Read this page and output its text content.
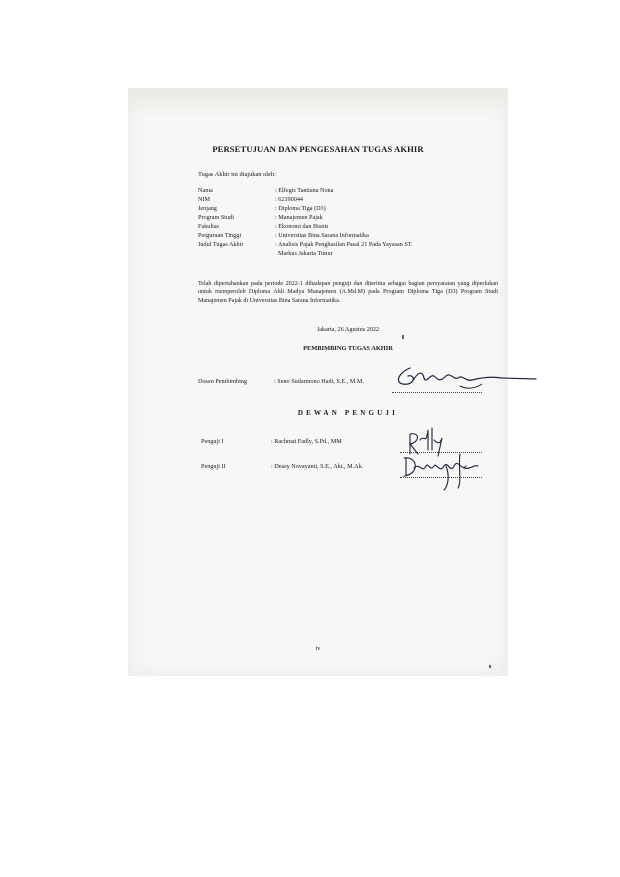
PERSETUJUAN DAN PENGESAHAN TUGAS AKHIR
Tugas Akhir ini diajukan oleh:
Nama	: Elfegis Tantiana Nona
NIM	: 62190044
Jenjang	: Diploma Tiga (D3)
Program Studi	: Manajemen Pajak
Fakultas	: Ekonomi dan Bisnis
Perguruan Tinggi	: Universitas Bina Sarana Informatika
Judul Tugas Akhir	: Analisis Pajak Penghasilan Pasal 21 Pada Yayasan ST.
Markus Jakarta Timur
Telah dipertahankan pada periode 2022-1 dihadapan penguji dan diterima sebagai bagian persyaratan yang diperlukan untuk memperoleh Diploma Ahli Madya Manajemen (A.Md.M) pada Program Diploma Tiga (D3) Program Studi Manajemen Pajak di Universitas Bina Sarana Informatika.
Jakarta, 26 Agustus 2022
PEMBIMBING TUGAS AKHIR
Dosen Pembimbing	: Seno Sudarmono Hadi, S.E., M.M.
DEWAN PENGUJI
Penguji I	: Rachmat Fadly, S.Pd., MM
Penguji II	: Deasy Novayanti, S.E., Akt., M.Ak.
iv
